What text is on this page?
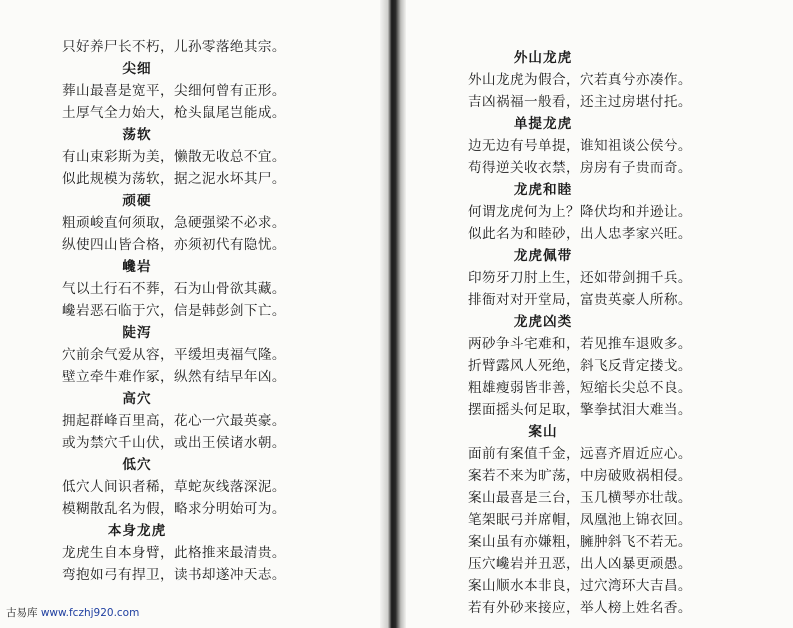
只好养尸长不朽，儿孙零落绝其宗。
尖细
葬山最喜是宽平，尖细何曾有正形。
土厚气全力始大，枪头鼠尾岂能成。
荡软
有山束彩斯为美，懒散无收总不宜。
似此规模为荡软，据之泥水坏其尸。
顽硬
粗顽峻直何须取，急硬强梁不必求。
纵使四山皆合格，亦须初代有隐忧。
巉岩
气以土行石不葬，石为山骨欲其藏。
巉岩恶石临于穴，信是韩彭剑下亡。
陡泻
穴前余气爱从容，平缓坦夷福气隆。
壁立牵牛难作冢，纵然有结早年凶。
高穴
拥起群峰百里高，花心一穴最英豪。
或为禁穴千山伏，或出王侯诸水朝。
低穴
低穴人间识者稀，草蛇灰线落深泥。
模糊散乱名为假，略求分明始可为。
本身龙虎
龙虎生自本身臂，此格推来最清贵。
弯抱如弓有捍卫，读书却遂冲天志。
外山龙虎
外山龙虎为假合，穴若真兮亦凑作。
吉凶祸福一般看，还主过房堪付托。
单提龙虎
边无边有号单提，谁知祖谈公侯兮。
苟得逆关收衣禁，房房有子贵而奇。
龙虎和睦
何谓龙虎何为上？降伏均和并逊让。
似此名为和睦砂，出人忠孝家兴旺。
龙虎佩带
印笏牙刀肘上生，还如带剑拥千兵。
排衙对对开堂局，富贵英豪人所称。
龙虎凶类
两砂争斗宅难和，若见推车退败多。
折臂露风人死绝，斜飞反背定搂戈。
粗雄瘦弱皆非善，短缩长尖总不良。
摆面摇头何足取，擎拳拭泪大难当。
案山
面前有案值千金，远喜齐眉近应心。
案若不来为旷荡，中房破败祸相侵。
案山最喜是三台，玉几横琴亦壮哉。
笔架眠弓并席帽，凤凰池上锦衣回。
案山虽有亦嫌粗，臃肿斜飞不若无。
压穴巉岩并丑恶，出人凶暴更顽愚。
案山顺水本非良，过穴湾环大吉昌。
若有外砂来接应，举人榜上姓名香。
古易库 www.fczhj920.com
